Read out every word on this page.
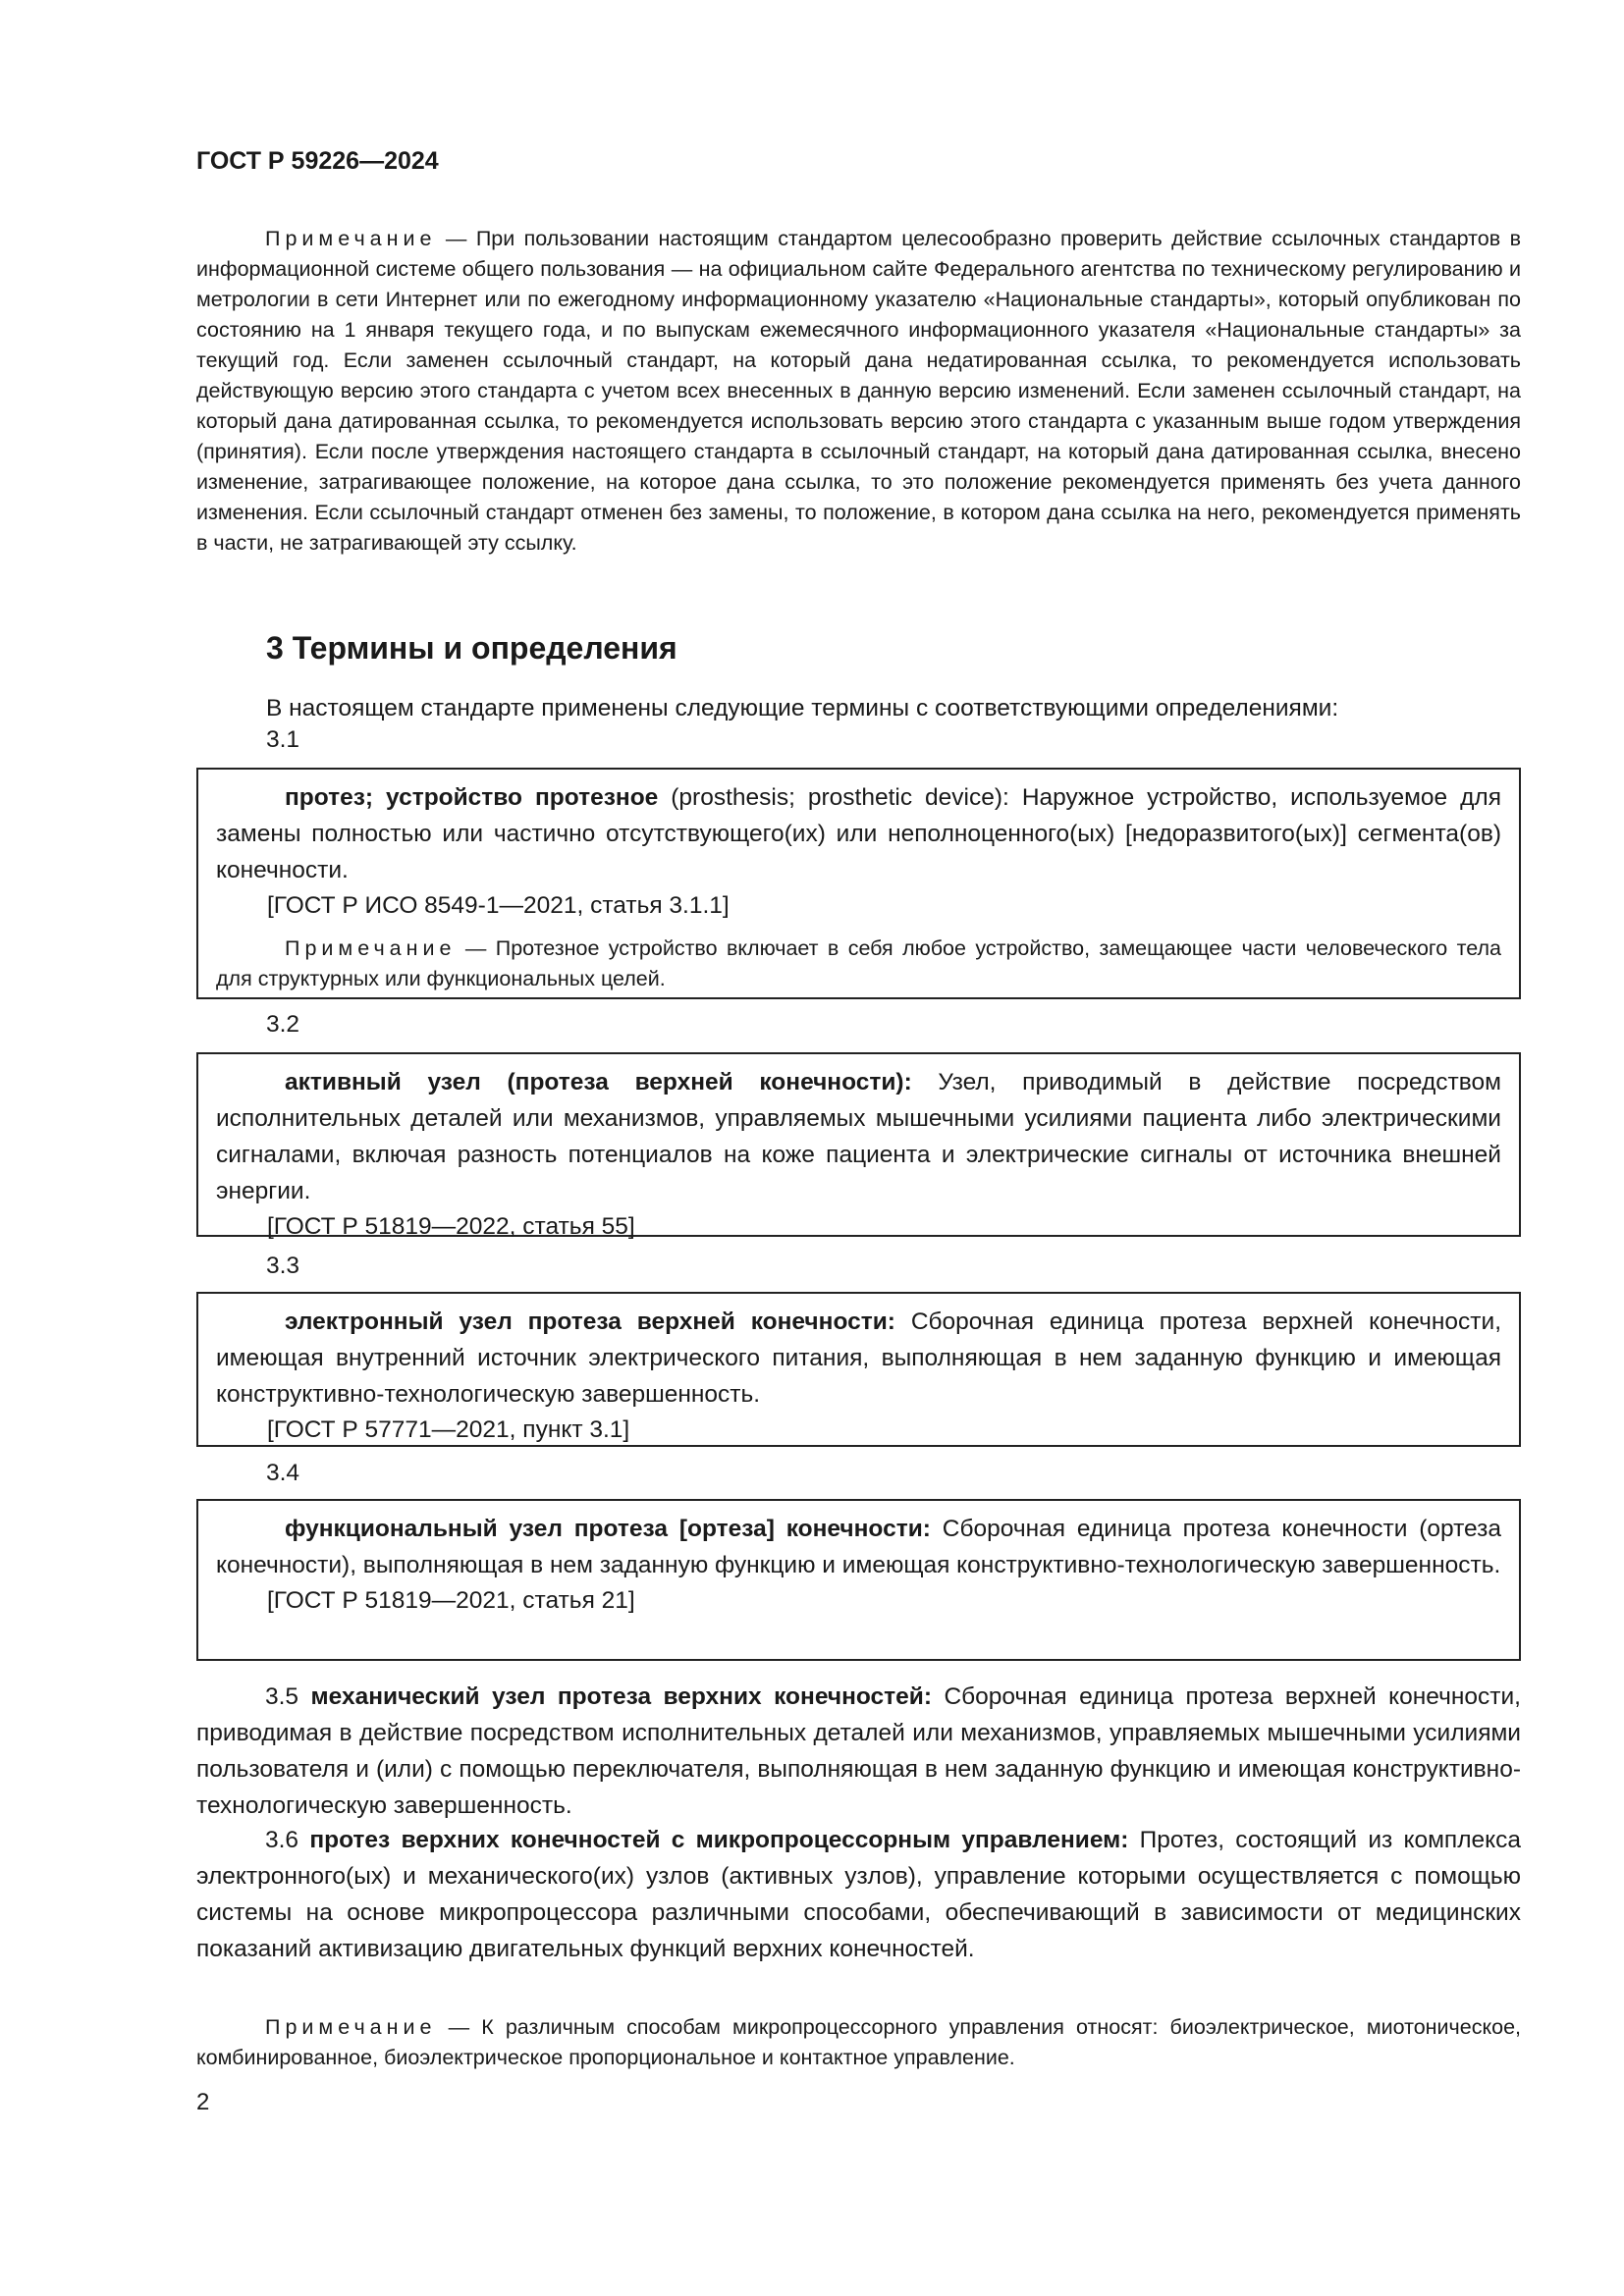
ГОСТ Р 59226—2024

Примечание — При пользовании настоящим стандартом целесообразно проверить действие ссылочных стандартов в информационной системе общего пользования — на официальном сайте Федерального агентства по техническому регулированию и метрологии в сети Интернет или по ежегодному информационному указателю «Национальные стандарты», который опубликован по состоянию на 1 января текущего года, и по выпускам ежемесячного информационного указателя «Национальные стандарты» за текущий год. Если заменен ссылочный стандарт, на который дана недатированная ссылка, то рекомендуется использовать действующую версию этого стандарта с учетом всех внесенных в данную версию изменений. Если заменен ссылочный стандарт, на который дана датированная ссылка, то рекомендуется использовать версию этого стандарта с указанным выше годом утверждения (принятия). Если после утверждения настоящего стандарта в ссылочный стандарт, на который дана датированная ссылка, внесено изменение, затрагивающее положение, на которое дана ссылка, то это положение рекомендуется применять без учета данного изменения. Если ссылочный стандарт отменен без замены, то положение, в котором дана ссылка на него, рекомендуется применять в части, не затрагивающей эту ссылку.

3 Термины и определения

В настоящем стандарте применены следующие термины с соответствующими определениями:

3.1

протез; устройство протезное (prosthesis; prosthetic device): Наружное устройство, используемое для замены полностью или частично отсутствующего(их) или неполноценного(ых) [недоразвитого(ых)] сегмента(ов) конечности.

[ГОСТ Р ИСО 8549-1—2021, статья 3.1.1]

Примечание — Протезное устройство включает в себя любое устройство, замещающее части человеческого тела для структурных или функциональных целей.

3.2

активный узел (протеза верхней конечности): Узел, приводимый в действие посредством исполнительных деталей или механизмов, управляемых мышечными усилиями пациента либо электрическими сигналами, включая разность потенциалов на коже пациента и электрические сигналы от источника внешней энергии.

[ГОСТ Р 51819—2022, статья 55]
3.3

электронный узел протеза верхней конечности: Сборочная единица протеза верхней конечности, имеющая внутренний источник электрического питания, выполняющая в нем заданную функцию и имеющая конструктивно-технологическую завершенность.

[ГОСТ Р 57771—2021, пункт 3.1]
3.4

функциональный узел протеза [ортеза] конечности: Сборочная единица протеза конечности (ортеза конечности), выполняющая в нем заданную функцию и имеющая конструктивно-технологическую завершенность.

[ГОСТ Р 51819—2021, статья 21]

3.5 механический узел протеза верхних конечностей: Сборочная единица протеза верхней конечности, приводимая в действие посредством исполнительных деталей или механизмов, управляемых мышечными усилиями пользователя и (или) с помощью переключателя, выполняющая в нем заданную функцию и имеющая конструктивно-технологическую завершенность.

3.6 протез верхних конечностей с микропроцессорным управлением: Протез, состоящий из комплекса электронного(ых) и механического(их) узлов (активных узлов), управление которыми осуществляется с помощью системы на основе микропроцессора различными способами, обеспечивающий в зависимости от медицинских показаний активизацию двигательных функций верхних конечностей.

Примечание — К различным способам микропроцессорного управления относят: биоэлектрическое, миотоническое, комбинированное, биоэлектрическое пропорциональное и контактное управление.

2
